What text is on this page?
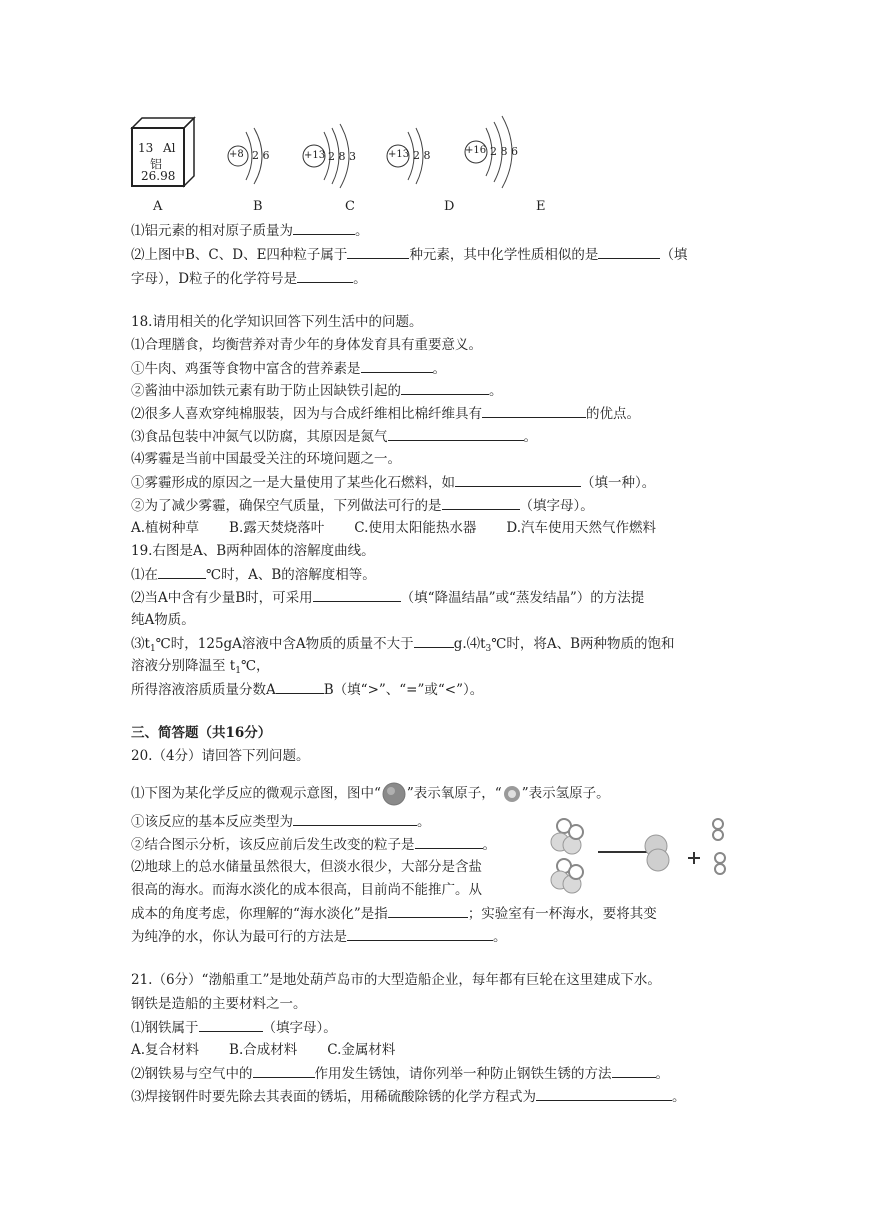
13 Al
铝
26.98
+8 2 6	+13 2 8 3	+13 2 8	+16 2 8 6
A	B	C	D	E
⑴铝元素的相对原子质量为	。
⑵上图中B、C、D、E四种粒子属于	种元素，其中化学性质相似的是	（填
字母），D粒子的化学符号是	。
18.请用相关的化学知识回答下列生活中的问题。
⑴合理膳食，均衡营养对青少年的身体发育具有重要意义。
①牛肉、鸡蛋等食物中富含的营养素是	。
②酱油中添加铁元素有助于防止因缺铁引起的	。
⑵很多人喜欢穿纯棉服装，因为与合成纤维相比棉纤维具有	的优点。
⑶食品包装中冲氮气以防腐，其原因是氮气	。
⑷雾霾是当前中国最受关注的环境问题之一。
①雾霾形成的原因之一是大量使用了某些化石燃料，如	（填一种）。
②为了减少雾霾，确保空气质量，下列做法可行的是	（填字母）。
A.植树种草 B.露天焚烧落叶 C.使用太阳能热水器 D.汽车使用天然气作燃料
19.右图是A、B两种固体的溶解度曲线。
⑴在	℃时，A、B的溶解度相等。
⑵当A中含有少量B时，可采用	（填“降温结晶”或“蒸发结晶”）的方法提
纯A物质。
$⑶t_1℃$时，125gA溶液中含A物质的质量不大于	$g.⑷t_3℃$时，将A、B两种物质的饱和
溶液分别降温至 $t_1℃$，
所得溶液溶质质量分数A	B（填“>”、“=”或“<”）。
三、简答题（共16分）
20.（4分）请回答下列问题。
⑴下图为某化学反应的微观示意图，图中“ ”表示氧原子，“ ”表示氢原子。
①该反应的基本反应类型为	。
②结合图示分析，该反应前后发生改变的粒子是	。
⑵地球上的总水储量虽然很大，但淡水很少，大部分是含盐
很高的海水。而海水淡化的成本很高，目前尚不能推广。从
成本的角度考虑，你理解的“海水淡化”是指	；实验室有一杯海水，要将其变
为纯净的水，你认为最可行的方法是	。
21.（6分）“渤船重工”是地处葫芦岛市的大型造船企业，每年都有巨轮在这里建成下水。
钢铁是造船的主要材料之一。
⑴钢铁属于	（填字母）。
A.复合材料 B.合成材料 C.金属材料
⑵钢铁易与空气中的	作用发生锈蚀，请你列举一种防止钢铁生锈的方法	。
⑶焊接钢件时要先除去其表面的锈垢，用稀硫酸除锈的化学方程式为	。
